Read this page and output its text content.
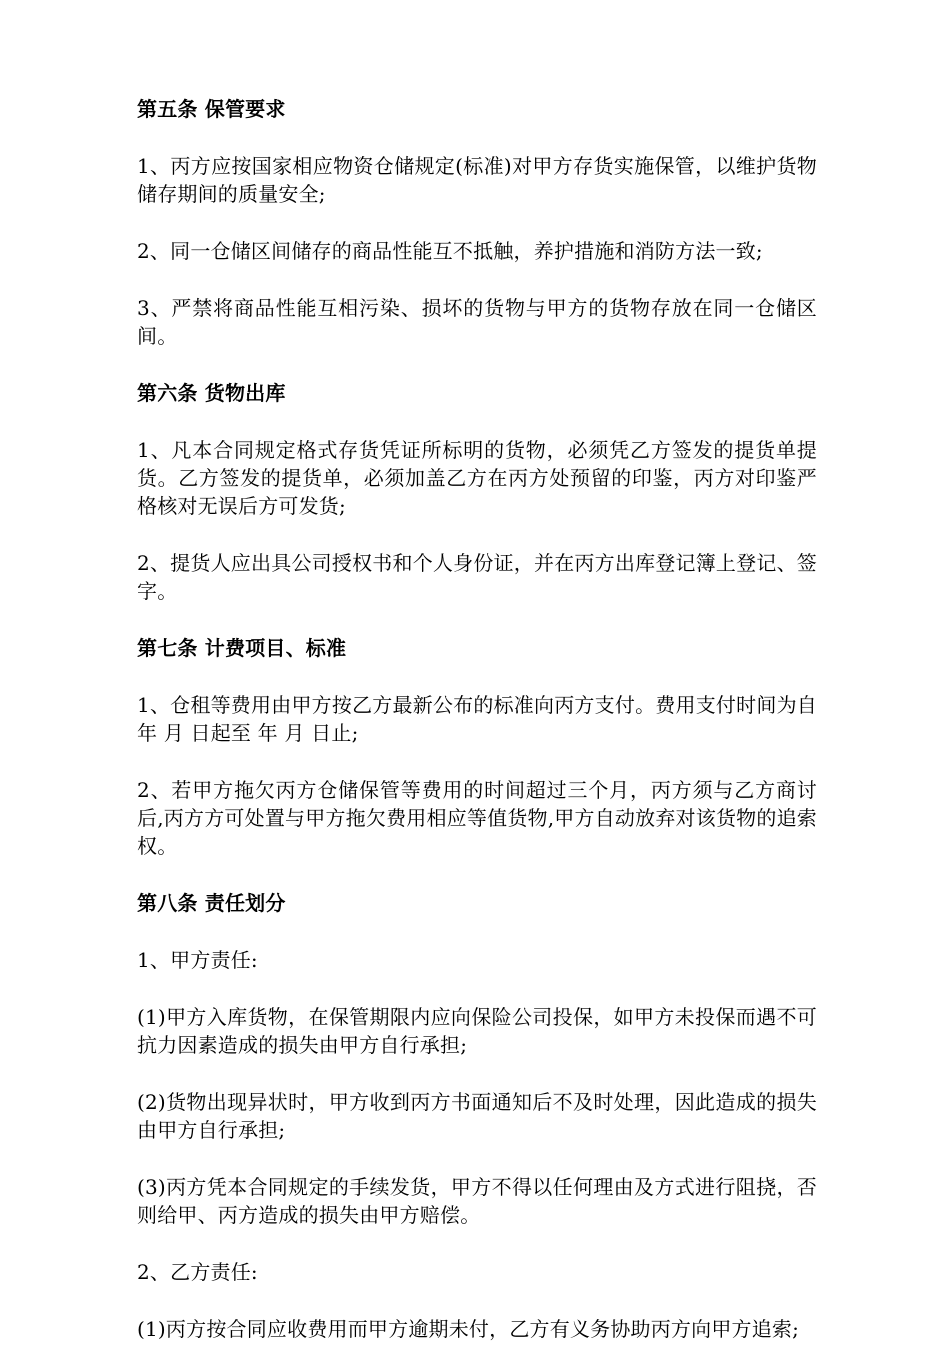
第五条 保管要求
1、丙方应按国家相应物资仓储规定(标准)对甲方存货实施保管，以维护货物储存期间的质量安全;
2、同一仓储区间储存的商品性能互不抵触，养护措施和消防方法一致;
3、严禁将商品性能互相污染、损坏的货物与甲方的货物存放在同一仓储区间。
第六条 货物出库
1、凡本合同规定格式存货凭证所标明的货物，必须凭乙方签发的提货单提货。乙方签发的提货单，必须加盖乙方在丙方处预留的印鉴，丙方对印鉴严格核对无误后方可发货;
2、提货人应出具公司授权书和个人身份证，并在丙方出库登记簿上登记、签字。
第七条 计费项目、标准
1、仓租等费用由甲方按乙方最新公布的标准向丙方支付。费用支付时间为自 年 月 日起至 年 月 日止;
2、若甲方拖欠丙方仓储保管等费用的时间超过三个月，丙方须与乙方商讨后,丙方方可处置与甲方拖欠费用相应等值货物,甲方自动放弃对该货物的追索权。
第八条 责任划分
1、甲方责任:
(1)甲方入库货物，在保管期限内应向保险公司投保，如甲方未投保而遇不可抗力因素造成的损失由甲方自行承担;
(2)货物出现异状时，甲方收到丙方书面通知后不及时处理，因此造成的损失由甲方自行承担;
(3)丙方凭本合同规定的手续发货，甲方不得以任何理由及方式进行阻挠，否则给甲、丙方造成的损失由甲方赔偿。
2、乙方责任:
(1)丙方按合同应收费用而甲方逾期未付，乙方有义务协助丙方向甲方追索;
